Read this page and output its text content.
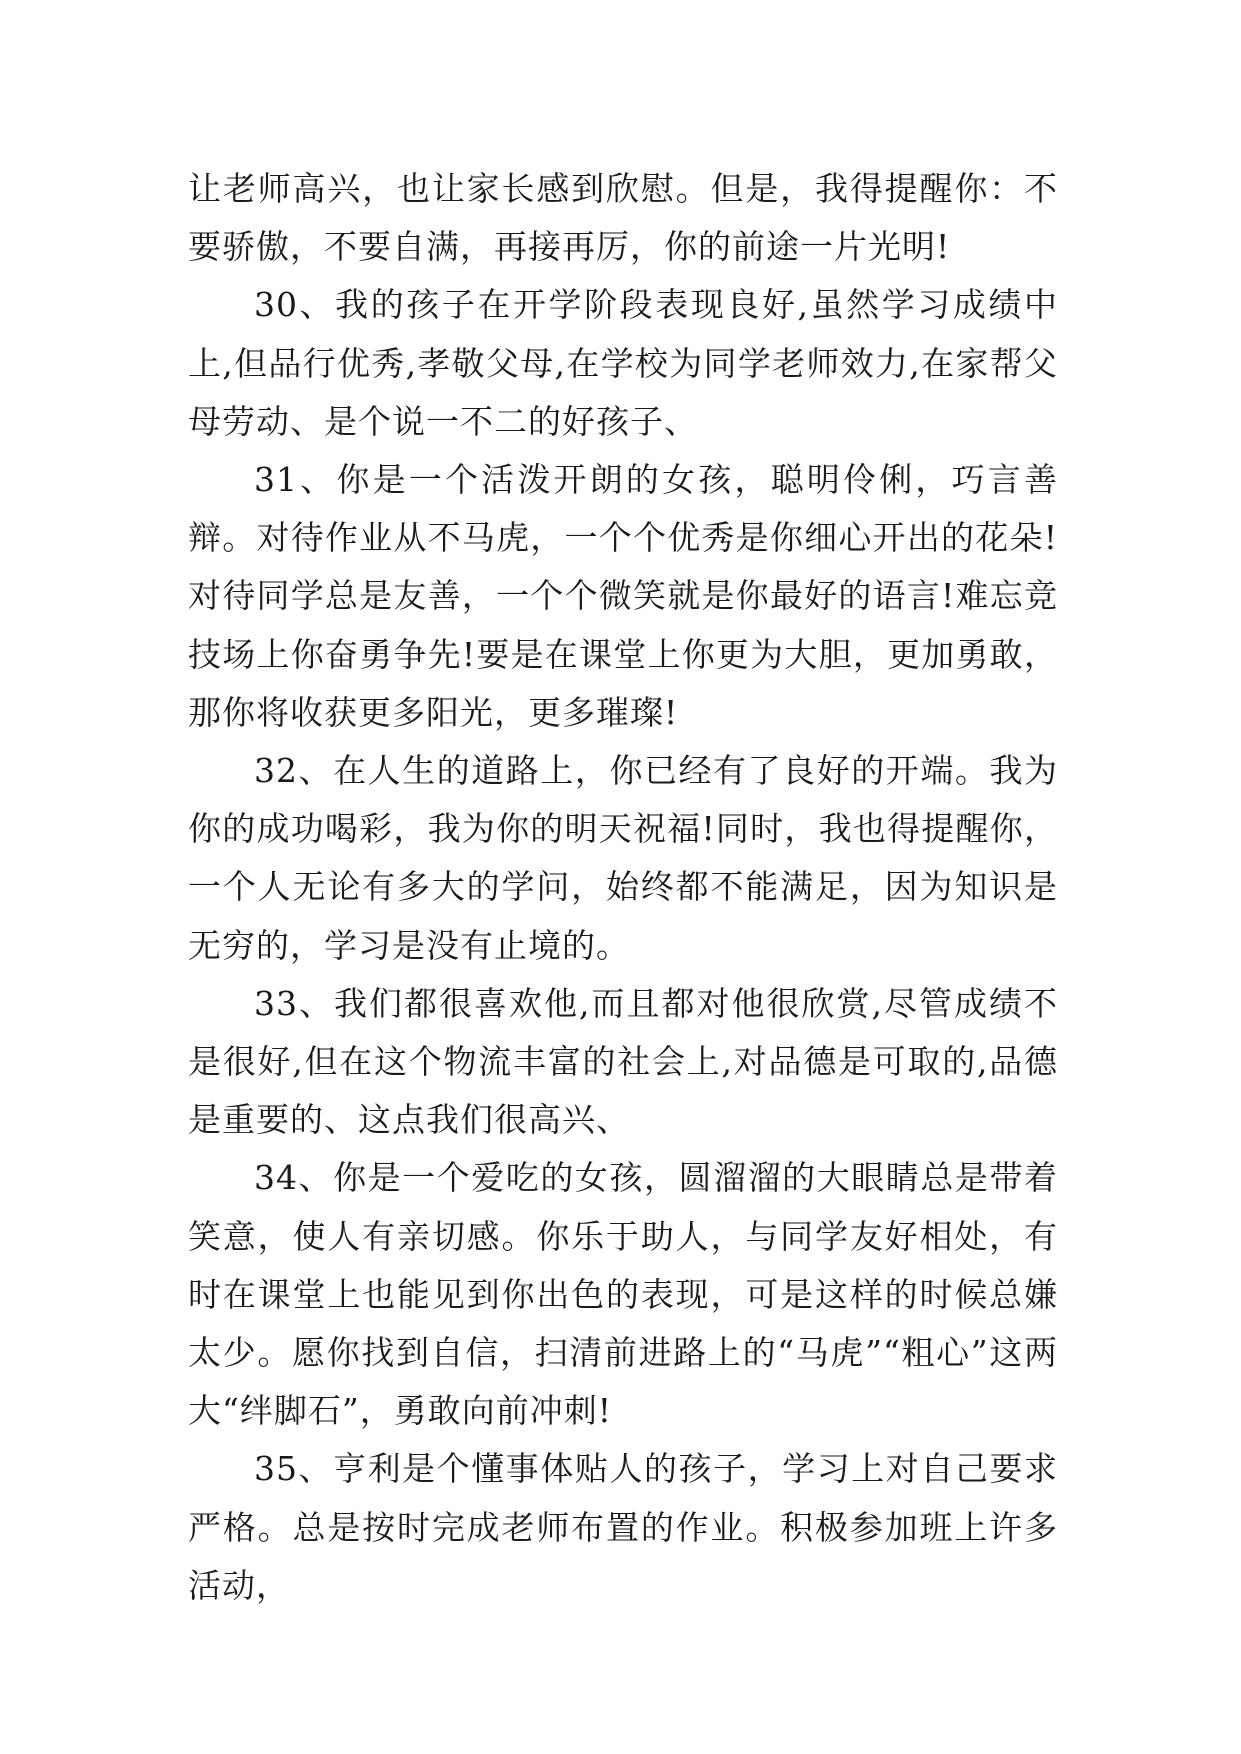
让老师高兴，也让家长感到欣慰。但是，我得提醒你：不要骄傲，不要自满，再接再厉，你的前途一片光明!

30、我的孩子在开学阶段表现良好,虽然学习成绩中上,但品行优秀,孝敬父母,在学校为同学老师效力,在家帮父母劳动、是个说一不二的好孩子、

31、你是一个活泼开朗的女孩，聪明伶俐，巧言善辩。对待作业从不马虎，一个个优秀是你细心开出的花朵!对待同学总是友善，一个个微笑就是你最好的语言!难忘竞技场上你奋勇争先!要是在课堂上你更为大胆，更加勇敢，那你将收获更多阳光，更多璀璨!

32、在人生的道路上，你已经有了良好的开端。我为你的成功喝彩，我为你的明天祝福!同时，我也得提醒你，一个人无论有多大的学问，始终都不能满足，因为知识是无穷的，学习是没有止境的。

33、我们都很喜欢他,而且都对他很欣赏,尽管成绩不是很好,但在这个物流丰富的社会上,对品德是可取的,品德是重要的、这点我们很高兴、

34、你是一个爱吃的女孩，圆溜溜的大眼睛总是带着笑意，使人有亲切感。你乐于助人，与同学友好相处，有时在课堂上也能见到你出色的表现，可是这样的时候总嫌太少。愿你找到自信，扫清前进路上的“马虎”“粗心”这两大“绊脚石”，勇敢向前冲刺!

35、亨利是个懂事体贴人的孩子，学习上对自己要求严格。总是按时完成老师布置的作业。积极参加班上许多活动，
